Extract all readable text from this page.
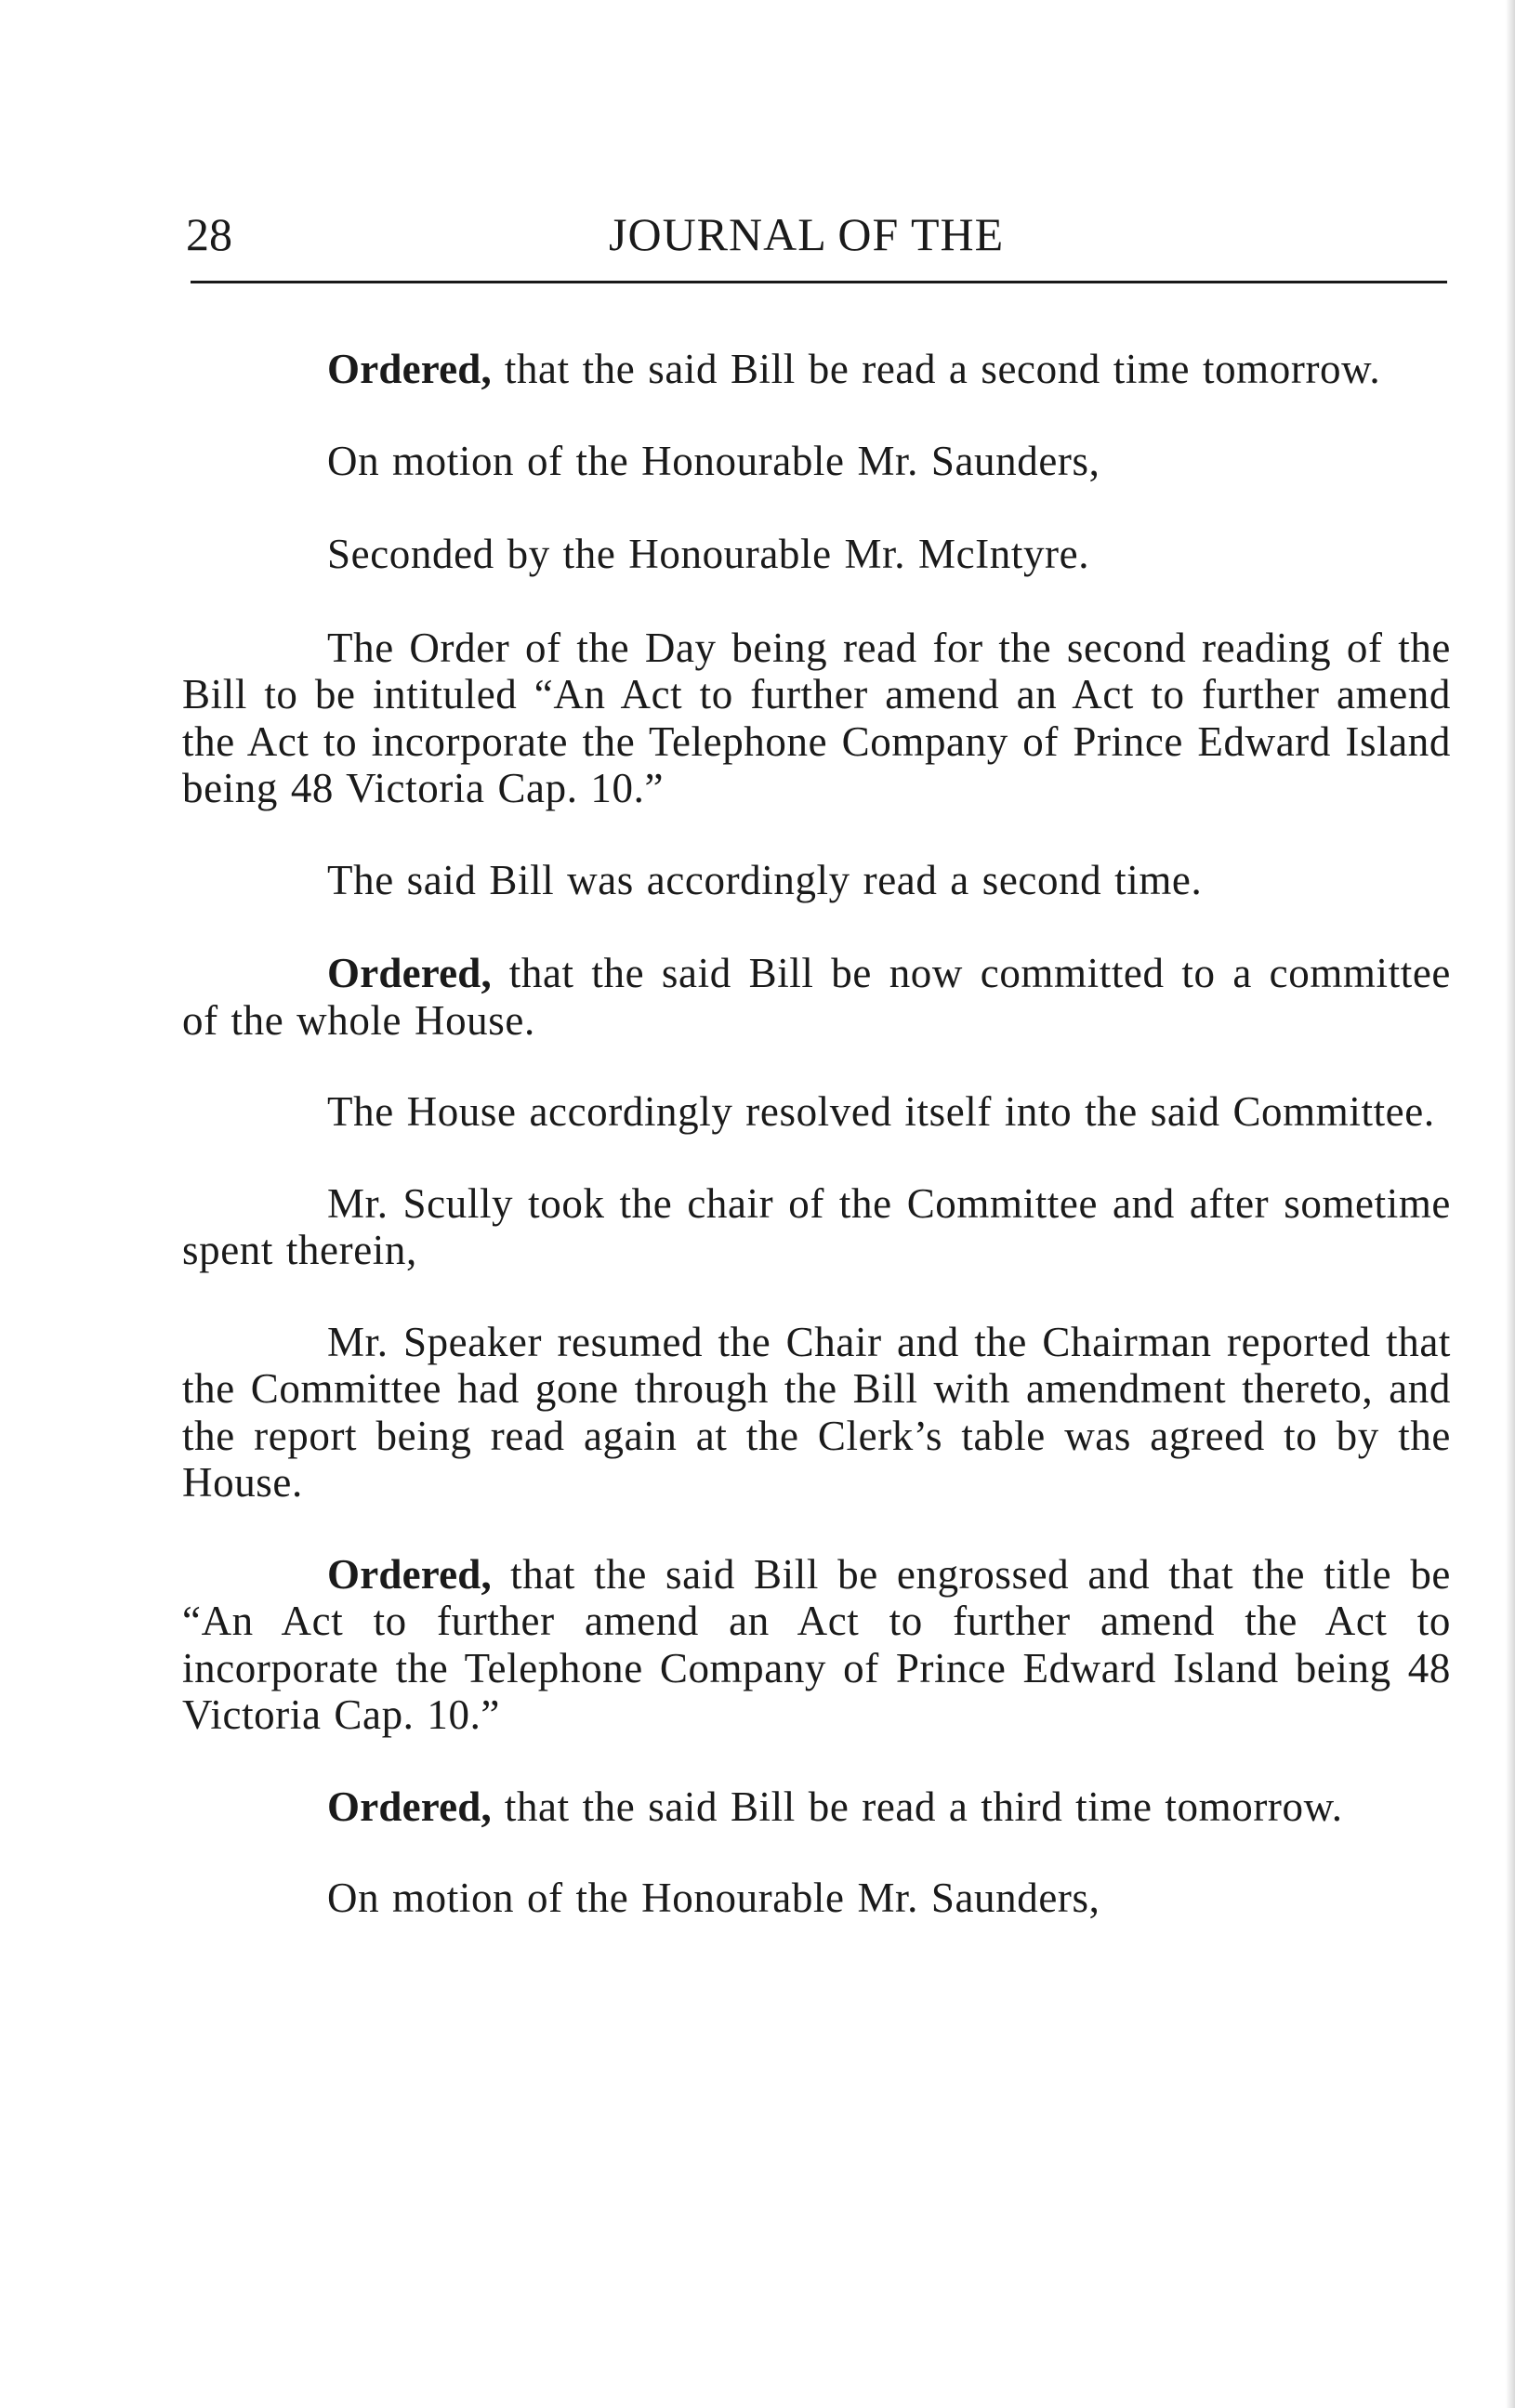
28	JOURNAL OF THE

Ordered, that the said Bill be read a second time tomorrow.

On motion of the Honourable Mr. Saunders,

Seconded by the Honourable Mr. McIntyre.

The Order of the Day being read for the second reading of the Bill to be intituled “An Act to further amend an Act to further amend the Act to incorporate the Telephone Company of Prince Edward Island being 48 Victoria Cap. 10.”

The said Bill was accordingly read a second time.

Ordered, that the said Bill be now committed to a committee of the whole House.

The House accordingly resolved itself into the said Committee.

Mr. Scully took the chair of the Committee and after sometime spent therein,

Mr. Speaker resumed the Chair and the Chairman reported that the Committee had gone through the Bill with amendment thereto, and the report being read again at the Clerk’s table was agreed to by the House.

Ordered, that the said Bill be engrossed and that the title be “An Act to further amend an Act to further amend the Act to incorporate the Telephone Company of Prince Edward Island being 48 Victoria Cap. 10.”

Ordered, that the said Bill be read a third time tomorrow.

On motion of the Honourable Mr. Saunders,
